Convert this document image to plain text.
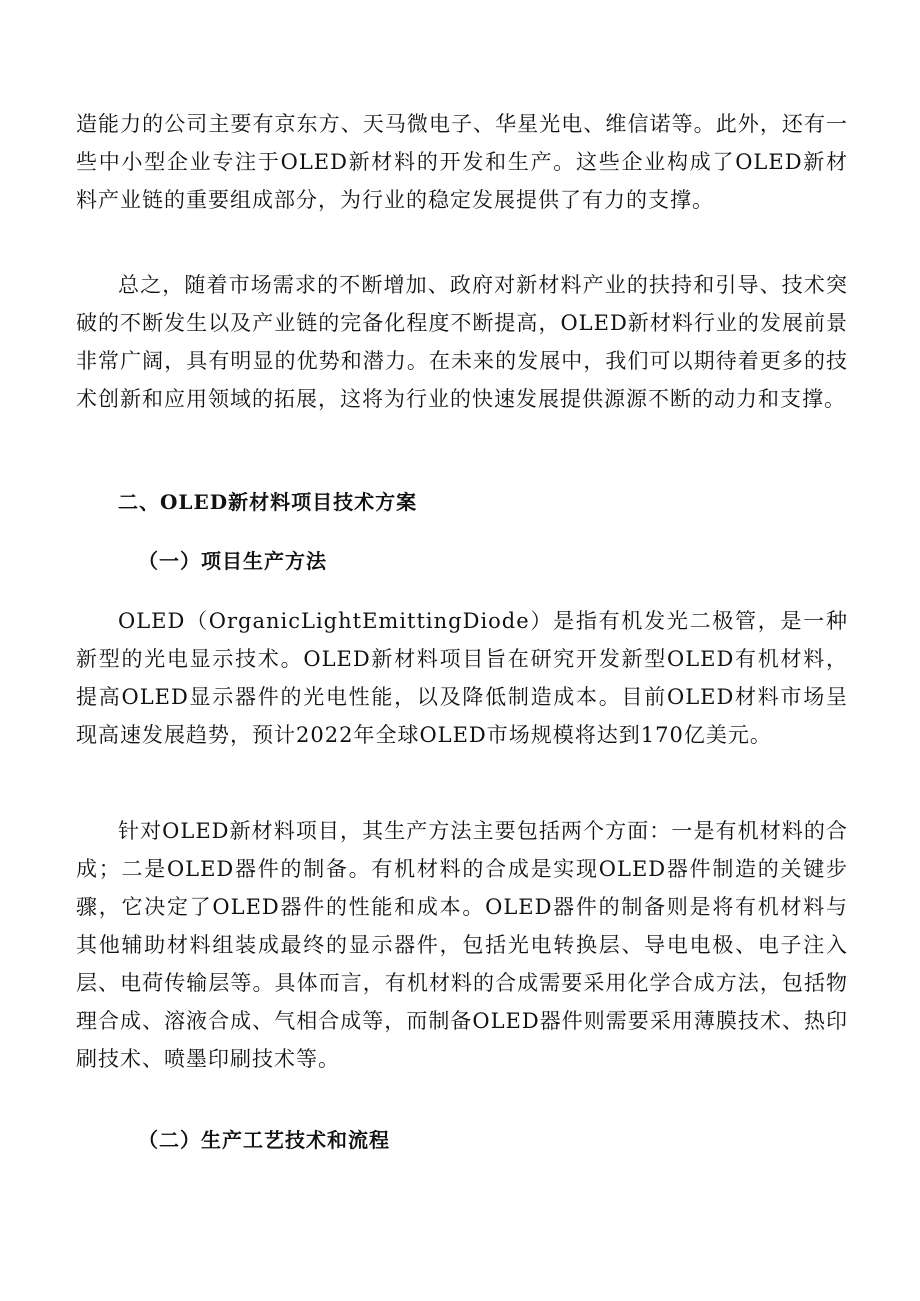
造能力的公司主要有京东方、天马微电子、华星光电、维信诺等。此外，还有一些中小型企业专注于OLED新材料的开发和生产。这些企业构成了OLED新材料产业链的重要组成部分，为行业的稳定发展提供了有力的支撑。

总之，随着市场需求的不断增加、政府对新材料产业的扶持和引导、技术突破的不断发生以及产业链的完备化程度不断提高，OLED新材料行业的发展前景非常广阔，具有明显的优势和潜力。在未来的发展中，我们可以期待着更多的技术创新和应用领域的拓展，这将为行业的快速发展提供源源不断的动力和支撑。

二、OLED新材料项目技术方案
（一）项目生产方法

OLED（OrganicLightEmittingDiode）是指有机发光二极管，是一种新型的光电显示技术。OLED新材料项目旨在研究开发新型OLED有机材料，提高OLED显示器件的光电性能，以及降低制造成本。目前OLED材料市场呈现高速发展趋势，预计2022年全球OLED市场规模将达到170亿美元。

针对OLED新材料项目，其生产方法主要包括两个方面：一是有机材料的合成；二是OLED器件的制备。有机材料的合成是实现OLED器件制造的关键步骤，它决定了OLED器件的性能和成本。OLED器件的制备则是将有机材料与其他辅助材料组装成最终的显示器件，包括光电转换层、导电电极、电子注入层、电荷传输层等。具体而言，有机材料的合成需要采用化学合成方法，包括物理合成、溶液合成、气相合成等，而制备OLED器件则需要采用薄膜技术、热印刷技术、喷墨印刷技术等。

（二）生产工艺技术和流程
